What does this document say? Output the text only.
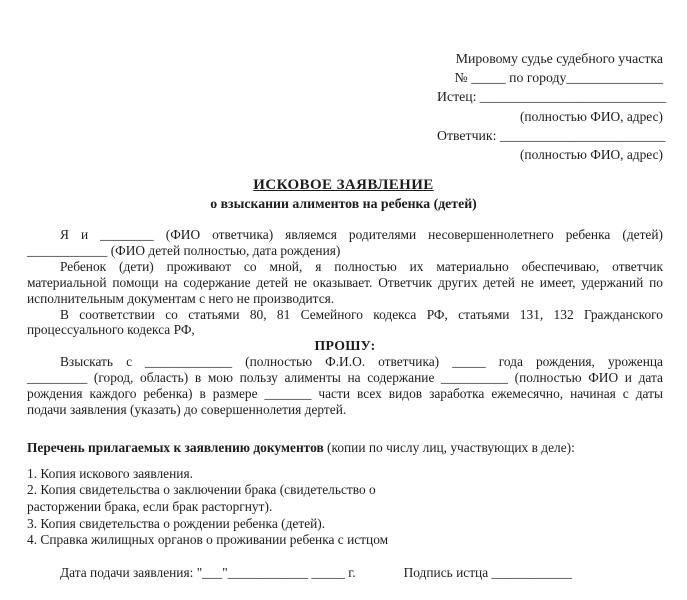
Мировому судье судебного участка
№ _____ по городу______________
Истец: ___________________________
(полностью ФИО, адрес)
Ответчик: ________________________
(полностью ФИО, адрес)
ИСКОВОЕ ЗАЯВЛЕНИЕ
о взыскании алиментов на ребенка (детей)
Я и ________ (ФИО ответчика) являемся родителями несовершеннолетнего ребенка (детей)
____________ (ФИО детей полностью, дата рождения)
Ребенок (дети) проживают со мной, я полностью их материально обеспечиваю, ответчик
материальной помощи на содержание детей не оказывает. Ответчик других детей не имеет, удержаний по
исполнительным документам с него не производится.
В соответствии со статьями 80, 81 Семейного кодекса РФ, статьями 131, 132 Гражданского
процессуального кодекса РФ,
ПРОШУ:
Взыскать с _____________ (полностью Ф.И.О. ответчика) _____ года рождения, уроженца
_________ (город, область) в мою пользу алименты на содержание __________ (полностью ФИО и дата
рождения каждого ребенка) в размере _______ части всех видов заработка ежемесячно, начиная с даты
подачи заявления (указать) до совершеннолетия дертей.
Перечень прилагаемых к заявлению документов (копии по числу лиц, участвующих в деле):
1. Копия искового заявления.
2. Копия свидетельства о заключении брака (свидетельство о
расторжении брака, если брак расторгнут).
3. Копия свидетельства о рождении ребенка (детей).
4. Справка жилищных органов о проживании ребенка с истцом
Дата подачи заявления: "___"____________ _____ г.	Подпись истца ____________
